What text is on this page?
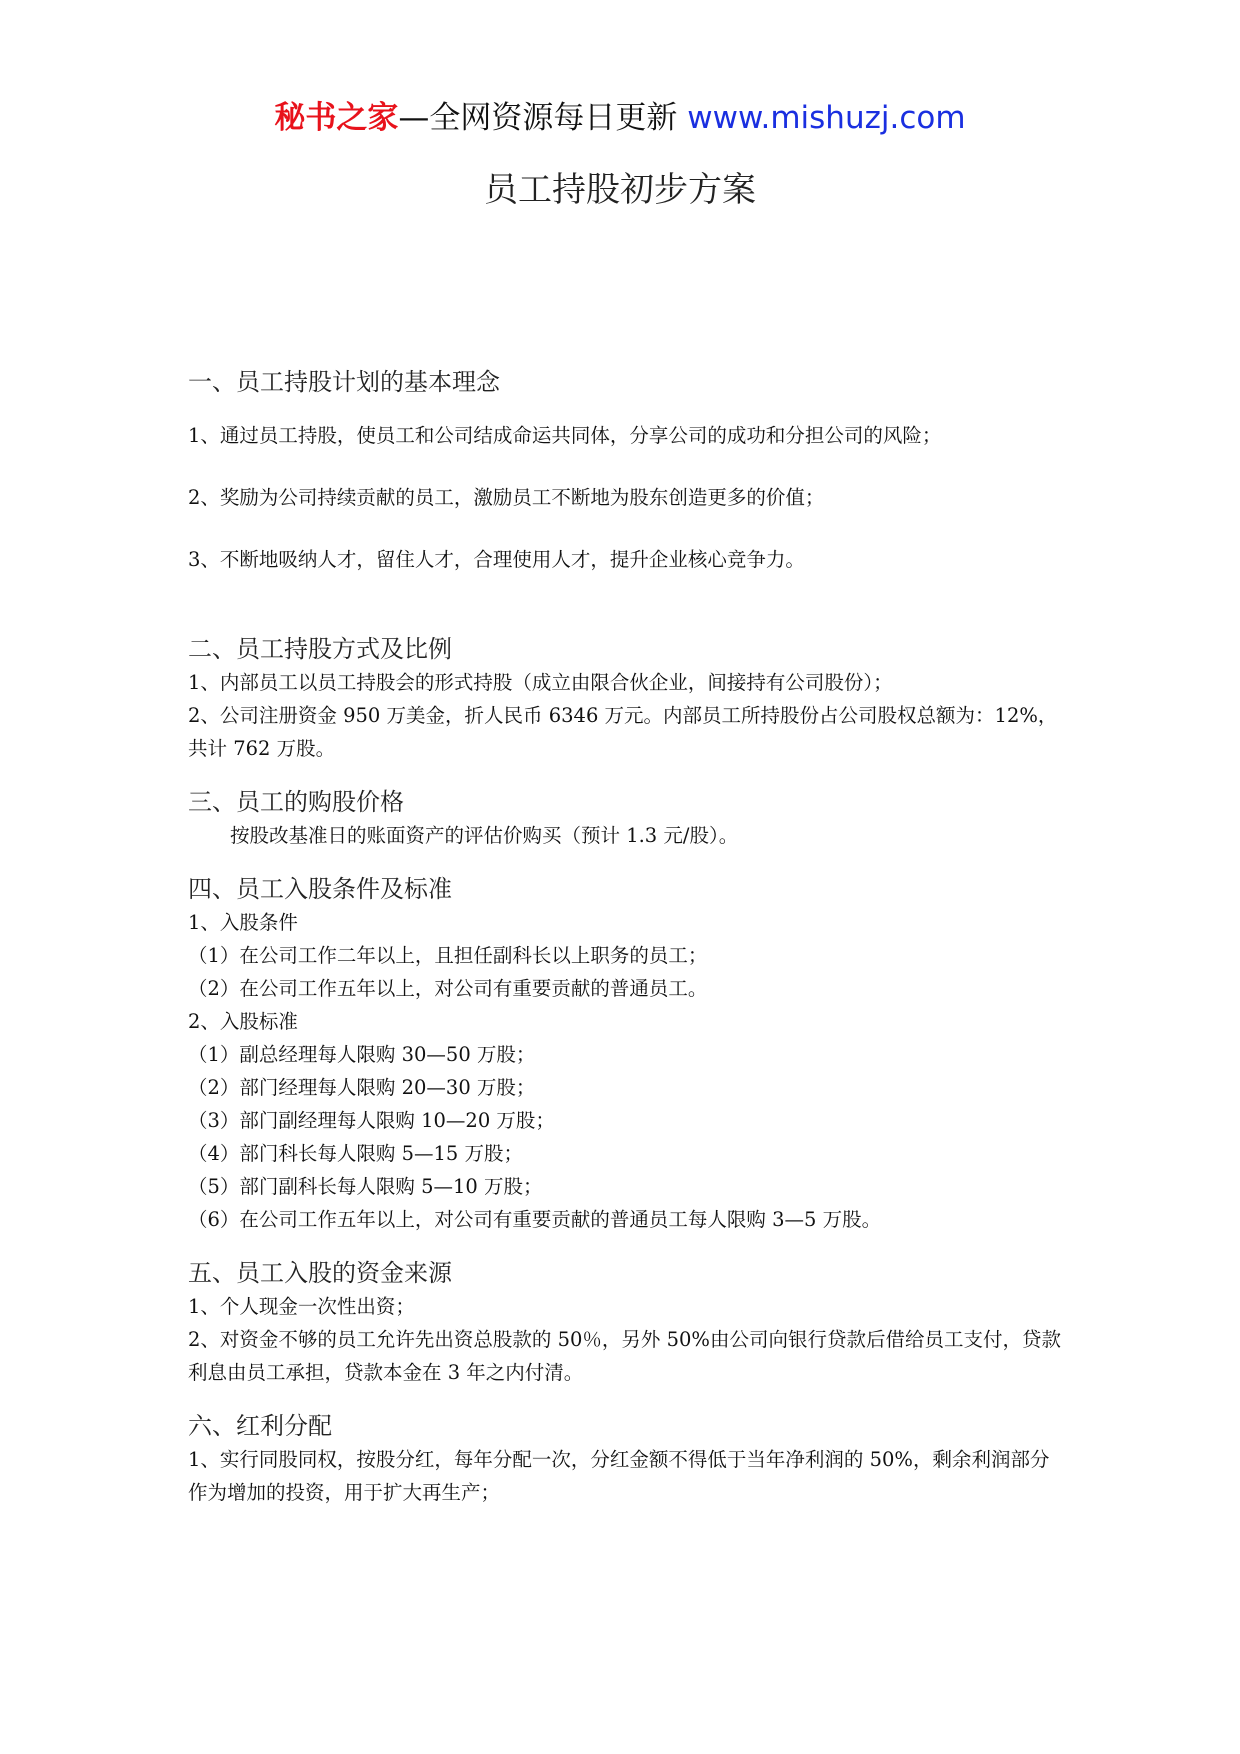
秘书之家—全网资源每日更新 www.mishuzj.com
员工持股初步方案
一、员工持股计划的基本理念
1、通过员工持股，使员工和公司结成命运共同体，分享公司的成功和分担公司的风险；
2、奖励为公司持续贡献的员工，激励员工不断地为股东创造更多的价值；
3、不断地吸纳人才，留住人才，合理使用人才，提升企业核心竞争力。
二、员工持股方式及比例
1、内部员工以员工持股会的形式持股（成立由限合伙企业，间接持有公司股份）；
2、公司注册资金 950 万美金，折人民币 6346 万元。内部员工所持股份占公司股权总额为：12%，共计 762 万股。
三、员工的购股价格
按股改基准日的账面资产的评估价购买（预计 1.3 元/股）。
四、员工入股条件及标准
1、入股条件
（1）在公司工作二年以上，且担任副科长以上职务的员工；
（2）在公司工作五年以上，对公司有重要贡献的普通员工。
2、入股标准
（1）副总经理每人限购 30—50 万股；
（2）部门经理每人限购 20—30 万股；
（3）部门副经理每人限购 10—20 万股；
（4）部门科长每人限购 5—15 万股；
（5）部门副科长每人限购 5—10 万股；
（6）在公司工作五年以上，对公司有重要贡献的普通员工每人限购 3—5 万股。
五、员工入股的资金来源
1、个人现金一次性出资；
2、对资金不够的员工允许先出资总股款的 50％，另外 50%由公司向银行贷款后借给员工支付，贷款利息由员工承担，贷款本金在 3 年之内付清。
六、红利分配
1、实行同股同权，按股分红，每年分配一次，分红金额不得低于当年净利润的 50%，剩余利润部分作为增加的投资，用于扩大再生产；
